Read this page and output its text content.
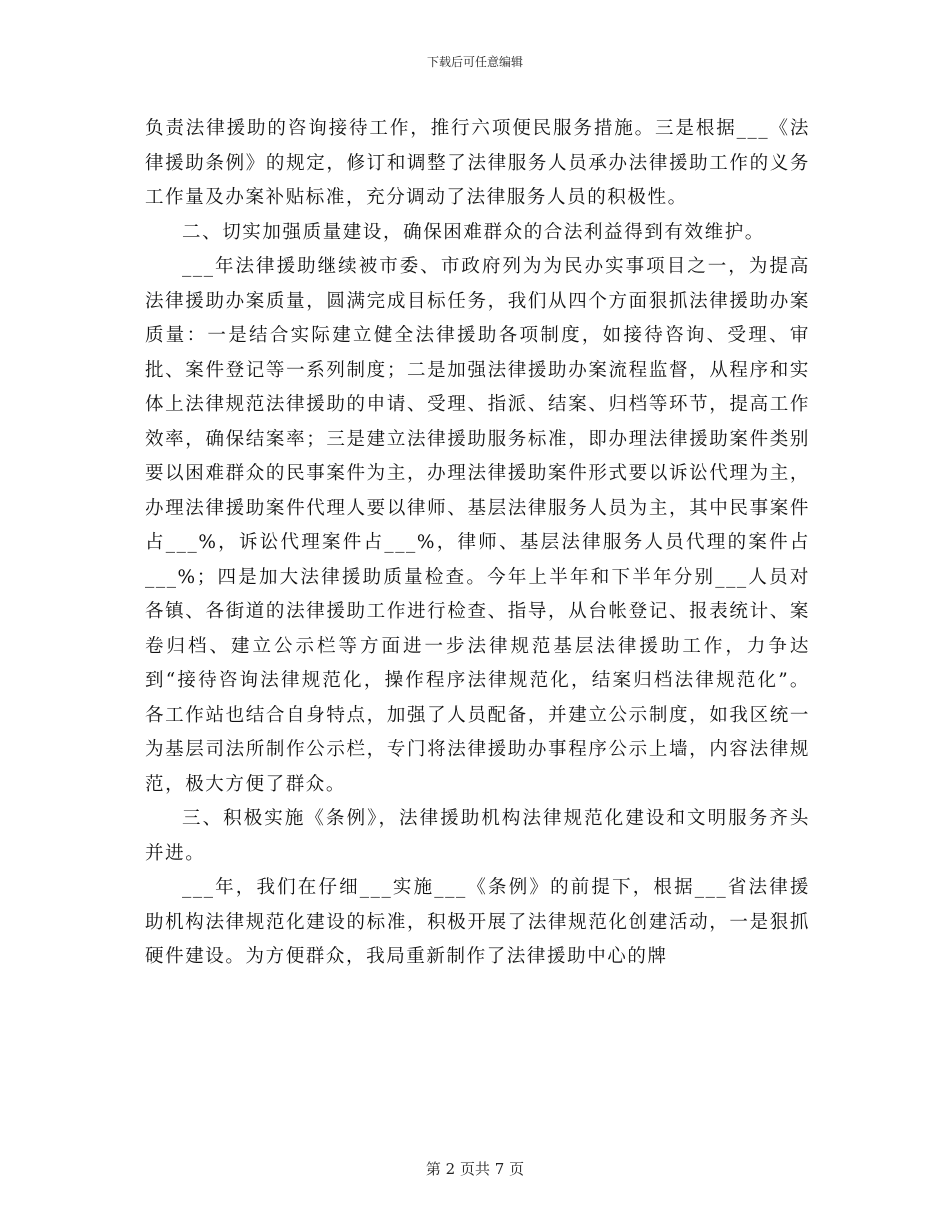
下载后可任意编辑

负责法律援助的咨询接待工作，推行六项便民服务措施。三是根据___《法律援助条例》的规定，修订和调整了法律服务人员承办法律援助工作的义务工作量及办案补贴标准，充分调动了法律服务人员的积极性。

二、切实加强质量建设，确保困难群众的合法利益得到有效维护。

___年法律援助继续被市委、市政府列为为民办实事项目之一，为提高法律援助办案质量，圆满完成目标任务，我们从四个方面狠抓法律援助办案质量：一是结合实际建立健全法律援助各项制度，如接待咨询、受理、审批、案件登记等一系列制度；二是加强法律援助办案流程监督，从程序和实体上法律规范法律援助的申请、受理、指派、结案、归档等环节，提高工作效率，确保结案率；三是建立法律援助服务标准，即办理法律援助案件类别要以困难群众的民事案件为主，办理法律援助案件形式要以诉讼代理为主，办理法律援助案件代理人要以律师、基层法律服务人员为主，其中民事案件占___%，诉讼代理案件占___%，律师、基层法律服务人员代理的案件占___%；四是加大法律援助质量检查。今年上半年和下半年分别___人员对各镇、各街道的法律援助工作进行检查、指导，从台帐登记、报表统计、案卷归档、建立公示栏等方面进一步法律规范基层法律援助工作，力争达到“接待咨询法律规范化，操作程序法律规范化，结案归档法律规范化”。各工作站也结合自身特点，加强了人员配备，并建立公示制度，如我区统一为基层司法所制作公示栏，专门将法律援助办事程序公示上墙，内容法律规范，极大方便了群众。

三、积极实施《条例》，法律援助机构法律规范化建设和文明服务齐头并进。

___年，我们在仔细___实施___《条例》的前提下，根据___省法律援助机构法律规范化建设的标准，积极开展了法律规范化创建活动，一是狠抓硬件建设。为方便群众，我局重新制作了法律援助中心的牌

第 2 页共 7 页
